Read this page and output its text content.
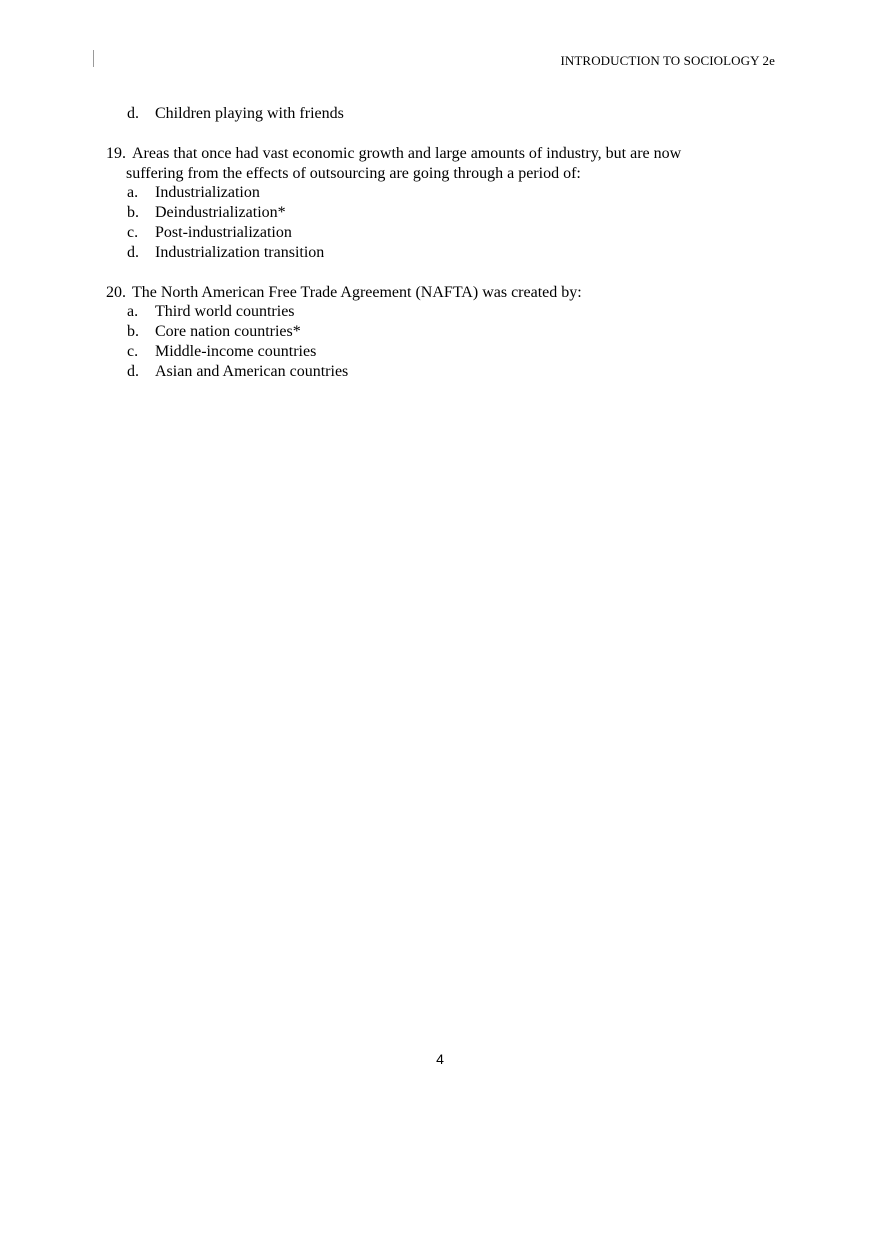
INTRODUCTION TO SOCIOLOGY 2e
d.	Children playing with friends
19. Areas that once had vast economic growth and large amounts of industry, but are now
suffering from the effects of outsourcing are going through a period of:
a.	Industrialization
b.	Deindustrialization*
c.	Post-industrialization
d.	Industrialization transition
20. The North American Free Trade Agreement (NAFTA) was created by:
a.	Third world countries
b.	Core nation countries*
c.	Middle-income countries
d.	Asian and American countries
4
